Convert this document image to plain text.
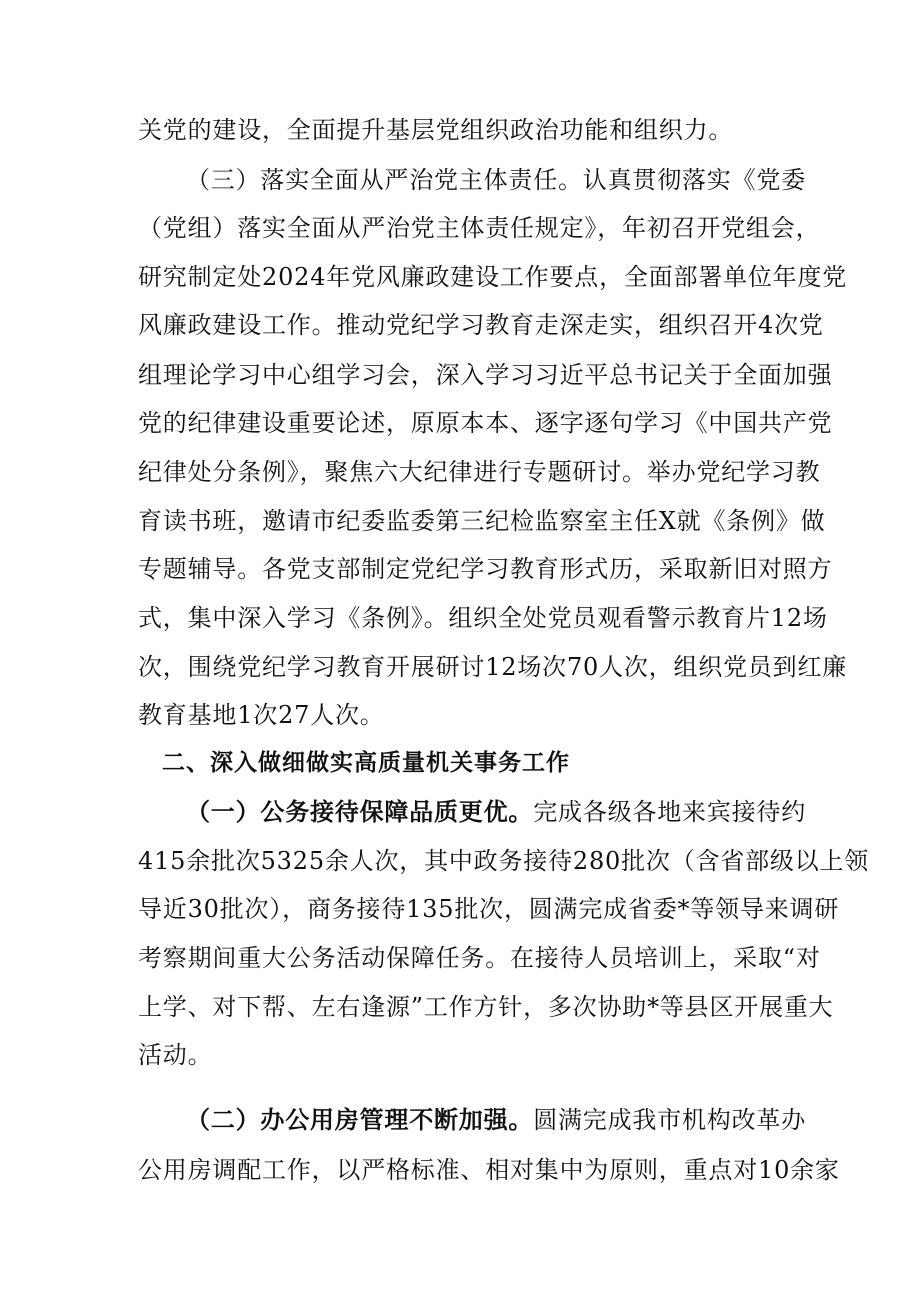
关党的建设，全面提升基层党组织政治功能和组织力。
（三）落实全面从严治党主体责任。认真贯彻落实《党委
（党组）落实全面从严治党主体责任规定》，年初召开党组会，
研究制定处2024年党风廉政建设工作要点，全面部署单位年度党
风廉政建设工作。推动党纪学习教育走深走实，组织召开4次党
组理论学习中心组学习会，深入学习习近平总书记关于全面加强
党的纪律建设重要论述，原原本本、逐字逐句学习《中国共产党
纪律处分条例》，聚焦六大纪律进行专题研讨。举办党纪学习教
育读书班，邀请市纪委监委第三纪检监察室主任X就《条例》做
专题辅导。各党支部制定党纪学习教育形式历，采取新旧对照方
式，集中深入学习《条例》。组织全处党员观看警示教育片12场
次，围绕党纪学习教育开展研讨12场次70人次，组织党员到红廉
教育基地1次27人次。
二、深入做细做实高质量机关事务工作
（一）公务接待保障品质更优。完成各级各地来宾接待约
415余批次5325余人次，其中政务接待280批次（含省部级以上领
导近30批次），商务接待135批次，圆满完成省委*等领导来调研
考察期间重大公务活动保障任务。在接待人员培训上，采取“对
上学、对下帮、左右逢源”工作方针，多次协助*等县区开展重大
活动。
（二）办公用房管理不断加强。圆满完成我市机构改革办
公用房调配工作，以严格标准、相对集中为原则，重点对10余家
